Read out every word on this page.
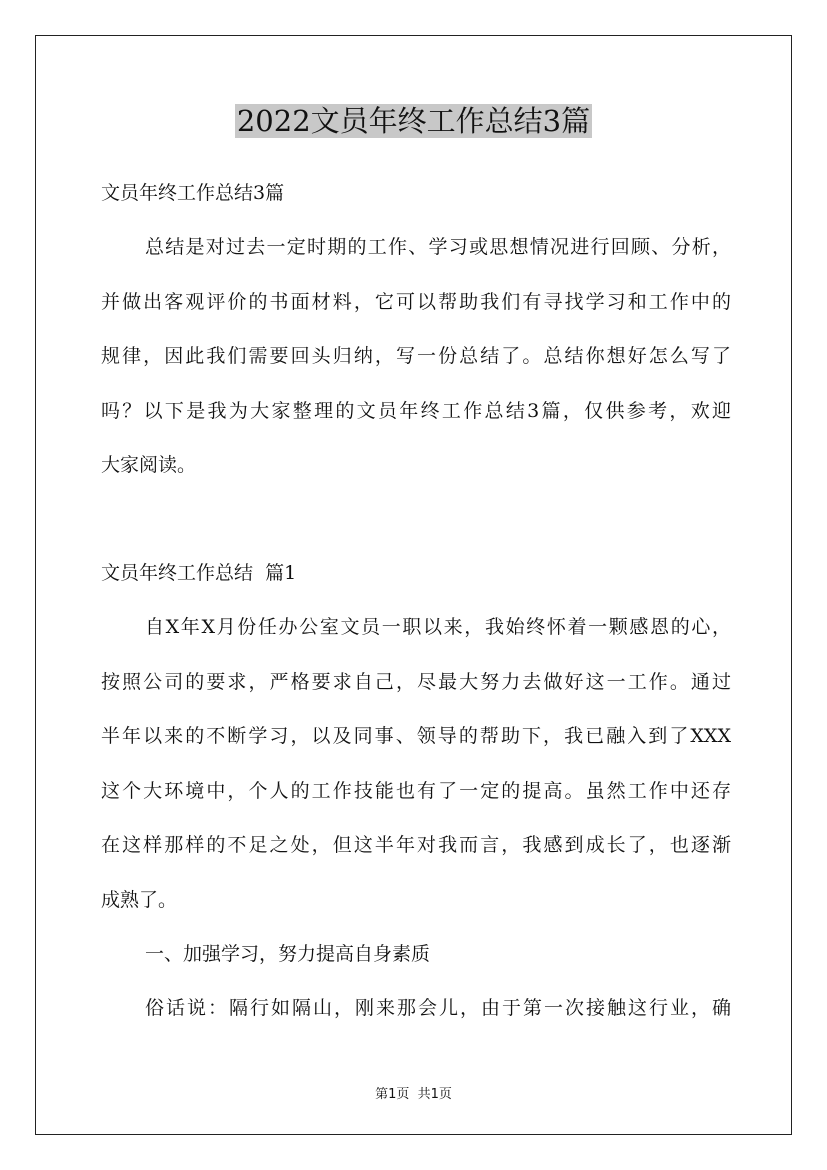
2022文员年终工作总结3篇
文员年终工作总结3篇
总结是对过去一定时期的工作、学习或思想情况进行回顾、分析，
并做出客观评价的书面材料，它可以帮助我们有寻找学习和工作中的
规律，因此我们需要回头归纳，写一份总结了。总结你想好怎么写了
吗？以下是我为大家整理的文员年终工作总结3篇，仅供参考，欢迎
大家阅读。
文员年终工作总结  篇1
自X年X月份任办公室文员一职以来，我始终怀着一颗感恩的心，
按照公司的要求，严格要求自己，尽最大努力去做好这一工作。通过
半年以来的不断学习，以及同事、领导的帮助下，我已融入到了XXX
这个大环境中，个人的工作技能也有了一定的提高。虽然工作中还存
在这样那样的不足之处，但这半年对我而言，我感到成长了，也逐渐
成熟了。
一、加强学习，努力提高自身素质
俗话说：隔行如隔山，刚来那会儿，由于第一次接触这行业，确
第1页  共1页
